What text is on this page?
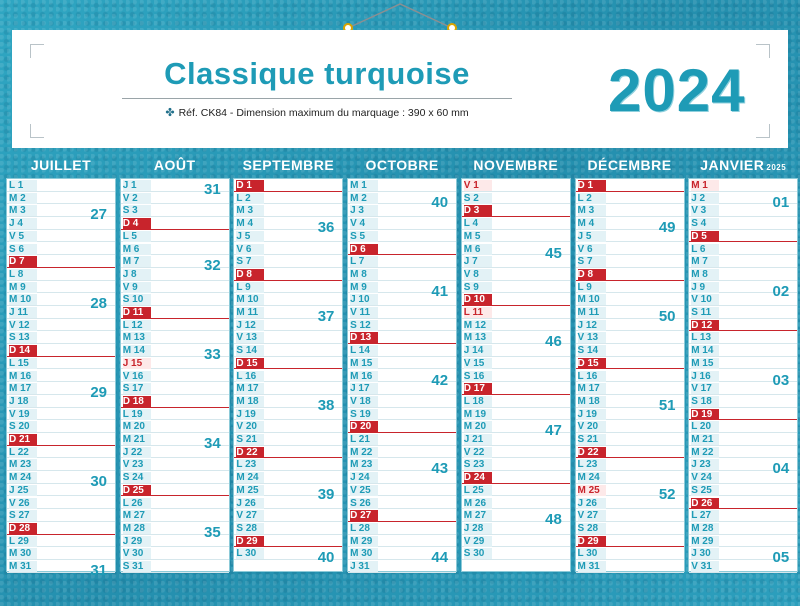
Classique turquoise
✤ Réf. CK84 - Dimension maximum du marquage : 390 x 60 mm	2024
JUILLET
L 1
M 2
M 3
J 4
V 5
S 6
D 7
L 8
M 9
M 10
J 11
V 12
S 13
D 14
L 15
M 16
M 17
J 18
V 19
S 20
D 21
L 22
M 23
M 24
J 25
V 26
S 27
D 28
L 29
M 30
M 31
27
28
29
30
31
AOÛT
J 1
V 2
S 3
D 4
L 5
M 6
M 7
J 8
V 9
S 10
D 11
L 12
M 13
M 14
J 15
V 16
S 17
D 18
L 19
M 20
M 21
J 22
V 23
S 24
D 25
L 26
M 27
M 28
J 29
V 30
S 31
31
32
33
34
35
SEPTEMBRE
D 1
L 2
M 3
M 4
J 5
V 6
S 7
D 8
L 9
M 10
M 11
J 12
V 13
S 14
D 15
L 16
M 17
M 18
J 19
V 20
S 21
D 22
L 23
M 24
M 25
J 26
V 27
S 28
D 29
L 30
36
37
38
39
40
OCTOBRE
M 1
M 2
J 3
V 4
S 5
D 6
L 7
M 8
M 9
J 10
V 11
S 12
D 13
L 14
M 15
M 16
J 17
V 18
S 19
D 20
L 21
M 22
M 23
J 24
V 25
S 26
D 27
L 28
M 29
M 30
J 31
40
41
42
43
44
NOVEMBRE
V 1
S 2
D 3
L 4
M 5
M 6
J 7
V 8
S 9
D 10
L 11
M 12
M 13
J 14
V 15
S 16
D 17
L 18
M 19
M 20
J 21
V 22
S 23
D 24
L 25
M 26
M 27
J 28
V 29
S 30
45
46
47
48
DÉCEMBRE
D 1
L 2
M 3
M 4
J 5
V 6
S 7
D 8
L 9
M 10
M 11
J 12
V 13
S 14
D 15
L 16
M 17
M 18
J 19
V 20
S 21
D 22
L 23
M 24
M 25
J 26
V 27
S 28
D 29
L 30
M 31
49
50
51
52
JANVIER 2025
M 1
J 2
V 3
S 4
D 5
L 6
M 7
M 8
J 9
V 10
S 11
D 12
L 13
M 14
M 15
J 16
V 17
S 18
D 19
L 20
M 21
M 22
J 23
V 24
S 25
D 26
L 27
M 28
M 29
J 30
V 31
01
02
03
04
05
